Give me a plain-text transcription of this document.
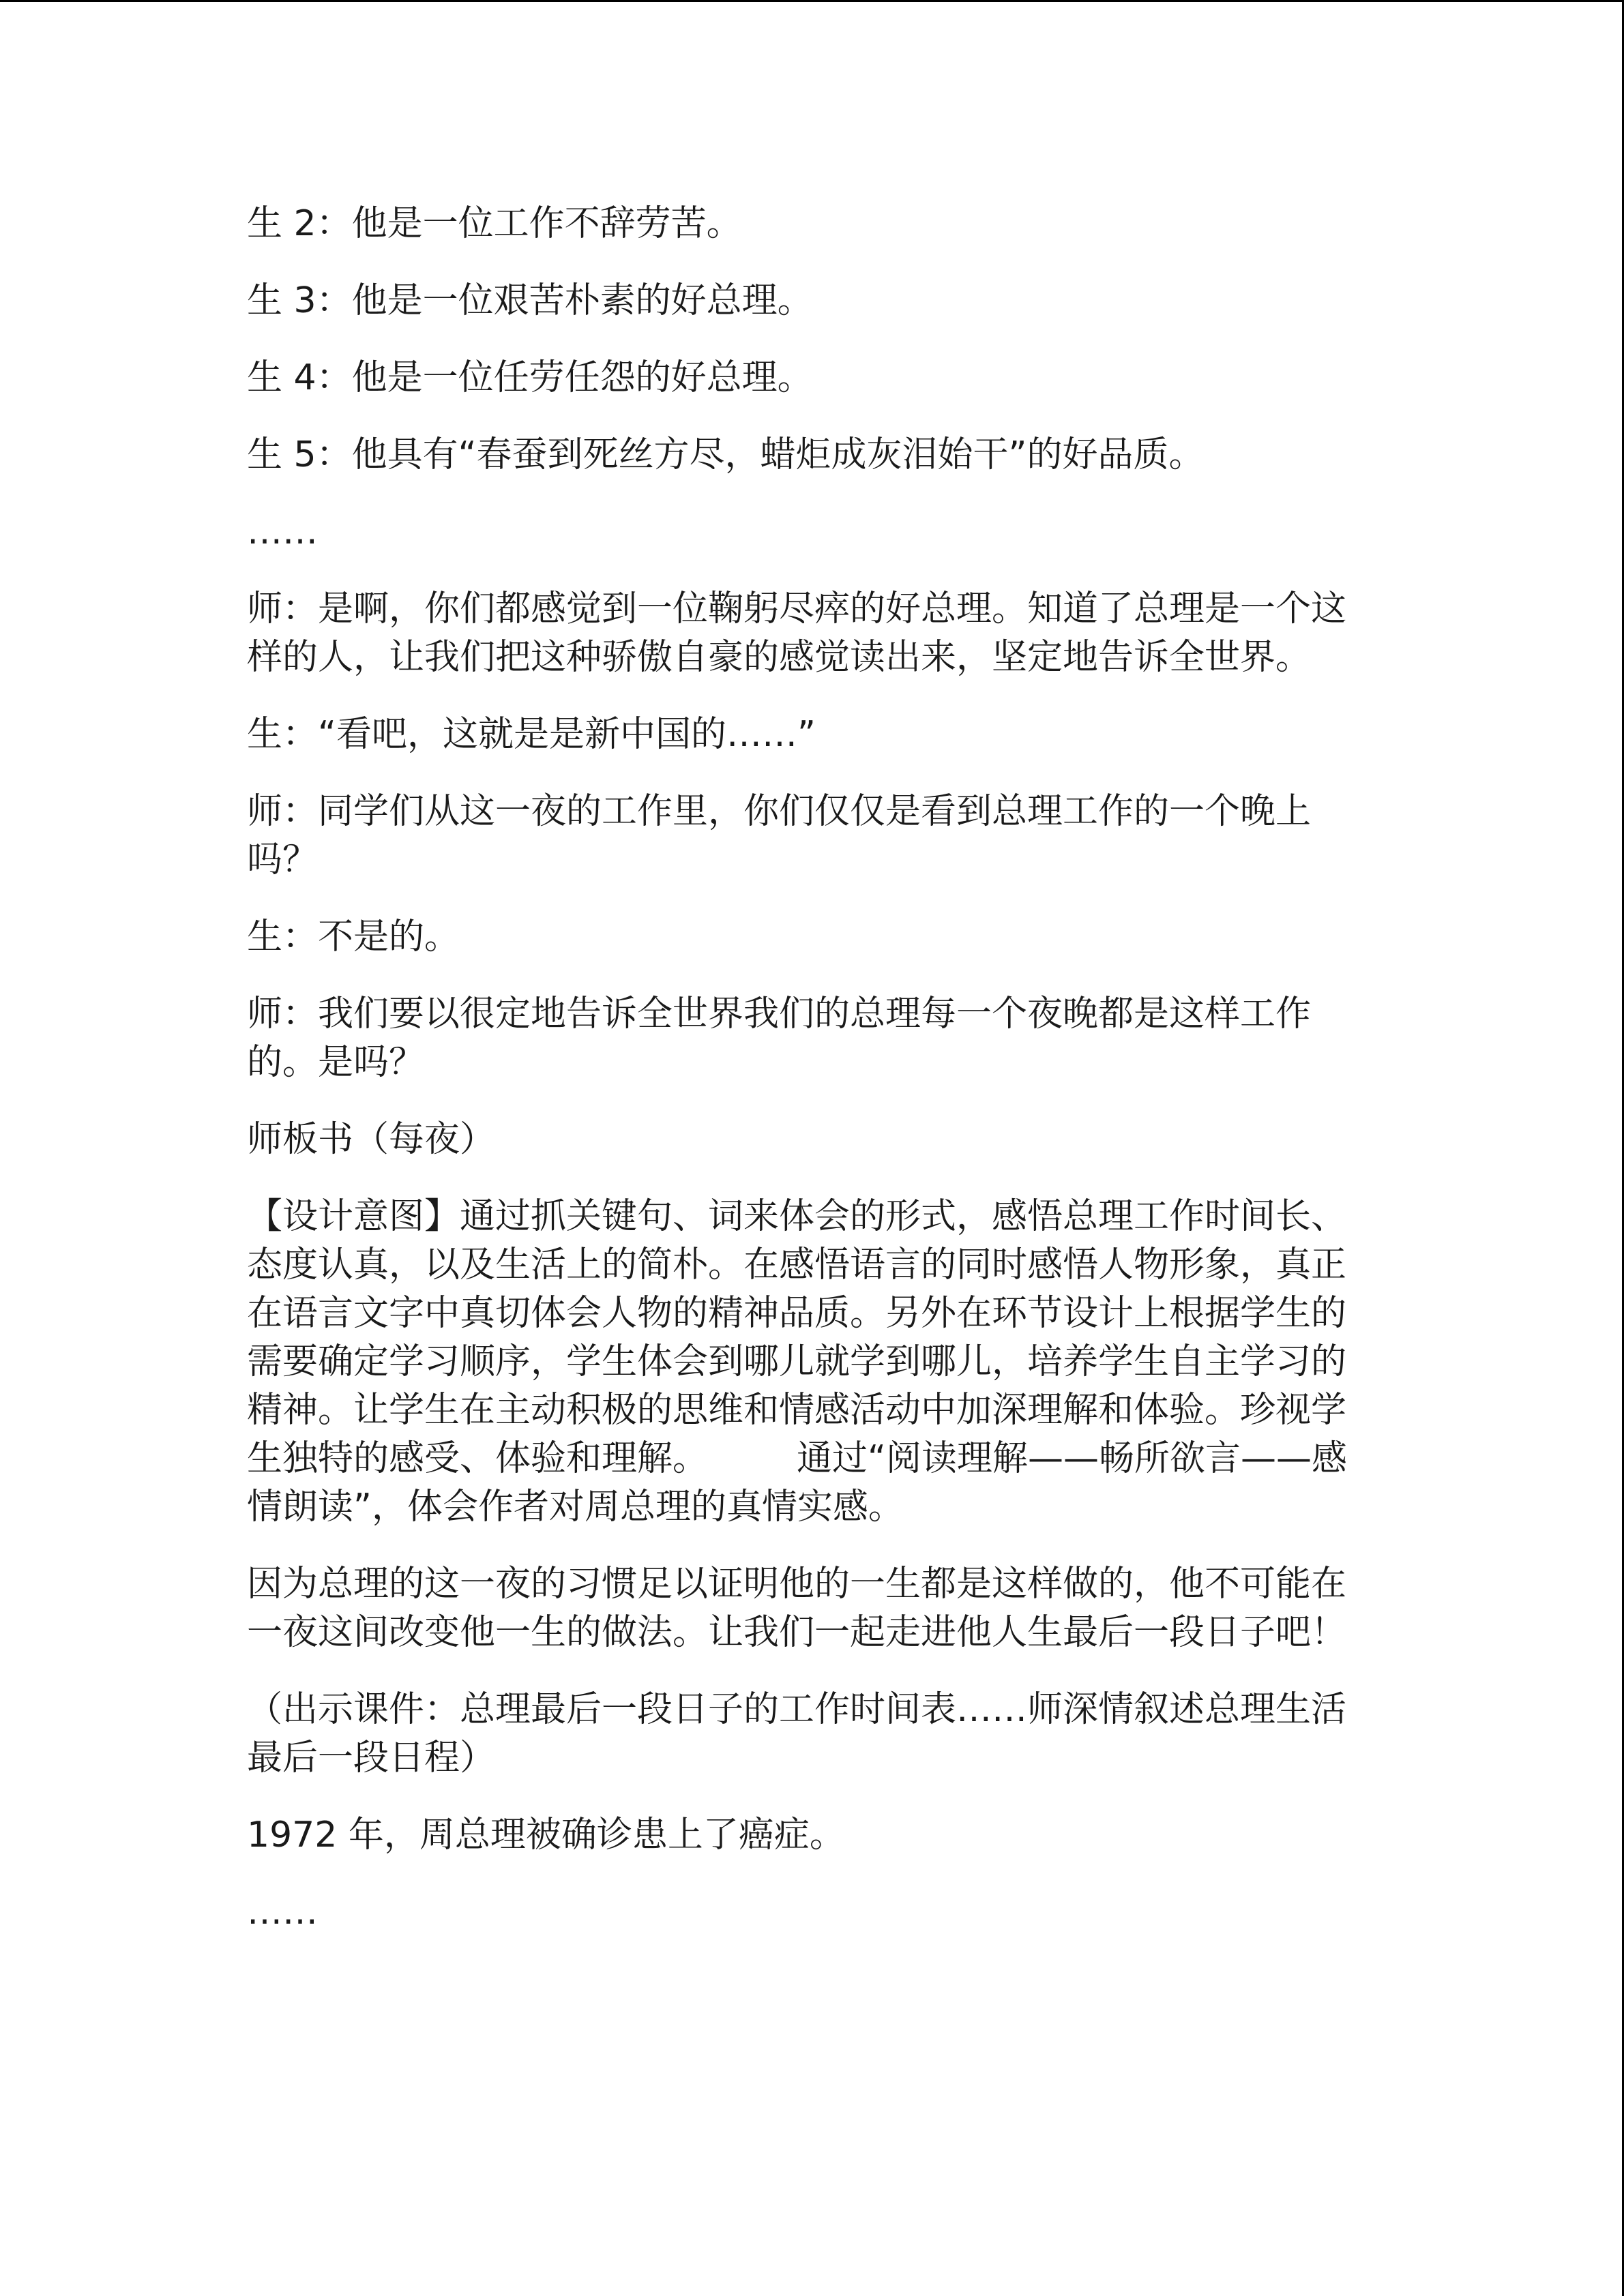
生 2：他是一位工作不辞劳苦。

生 3：他是一位艰苦朴素的好总理。

生 4：他是一位任劳任怨的好总理。

生 5：他具有“春蚕到死丝方尽，蜡炬成灰泪始干”的好品质。

……

师：是啊，你们都感觉到一位鞠躬尽瘁的好总理。知道了总理是一个这样的人，让我们把这种骄傲自豪的感觉读出来，坚定地告诉全世界。

生：“看吧，这就是是新中国的……”

师：同学们从这一夜的工作里，你们仅仅是看到总理工作的一个晚上吗？

生：不是的。

师：我们要以很定地告诉全世界我们的总理每一个夜晚都是这样工作的。是吗？

师板书（每夜）

【设计意图】通过抓关键句、词来体会的形式，感悟总理工作时间长、态度认真，以及生活上的简朴。在感悟语言的同时感悟人物形象，真正在语言文字中真切体会人物的精神品质。另外在环节设计上根据学生的需要确定学习顺序，学生体会到哪儿就学到哪儿，培养学生自主学习的精神。让学生在主动积极的思维和情感活动中加深理解和体验。珍视学生独特的感受、体验和理解。　　　通过“阅读理解——畅所欲言——感情朗读”，体会作者对周总理的真情实感。

因为总理的这一夜的习惯足以证明他的一生都是这样做的，他不可能在一夜这间改变他一生的做法。让我们一起走进他人生最后一段日子吧！

（出示课件：总理最后一段日子的工作时间表……师深情叙述总理生活最后一段日程）

1972 年，周总理被确诊患上了癌症。

……
